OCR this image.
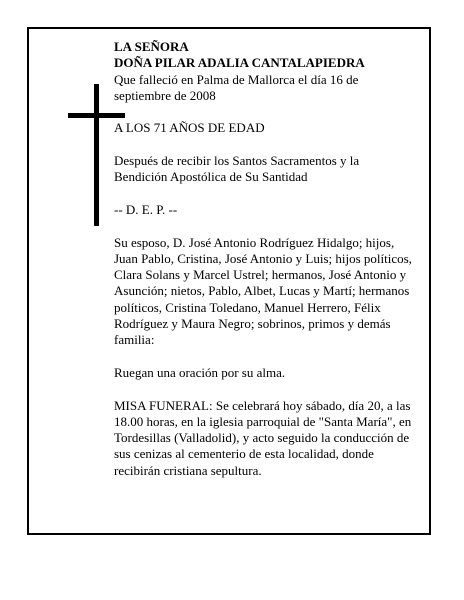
LA SEÑORA

DOÑA PILAR ADALIA CANTALAPIEDRA

Que falleció en Palma de Mallorca el día 16 de septiembre de 2008

A LOS 71 AÑOS DE EDAD

Después de recibir los Santos Sacramentos y la Bendición Apostólica de Su Santidad

-- D. E. P. --

Su esposo, D. José Antonio Rodríguez Hidalgo; hijos, Juan Pablo, Cristina, José Antonio y Luis; hijos políticos, Clara Solans y Marcel Ustrel; hermanos, José Antonio y Asunción; nietos, Pablo, Albet, Lucas y Martí; hermanos políticos, Cristina Toledano, Manuel Herrero, Félix Rodríguez y Maura Negro; sobrinos, primos y demás familia:

Ruegan una oración por su alma.

MISA FUNERAL: Se celebrará hoy sábado, día 20, a las 18.00 horas, en la iglesia parroquial de "Santa María", en Tordesillas (Valladolid), y acto seguido la conducción de sus cenizas al cementerio de esta localidad, donde recibirán cristiana sepultura.
